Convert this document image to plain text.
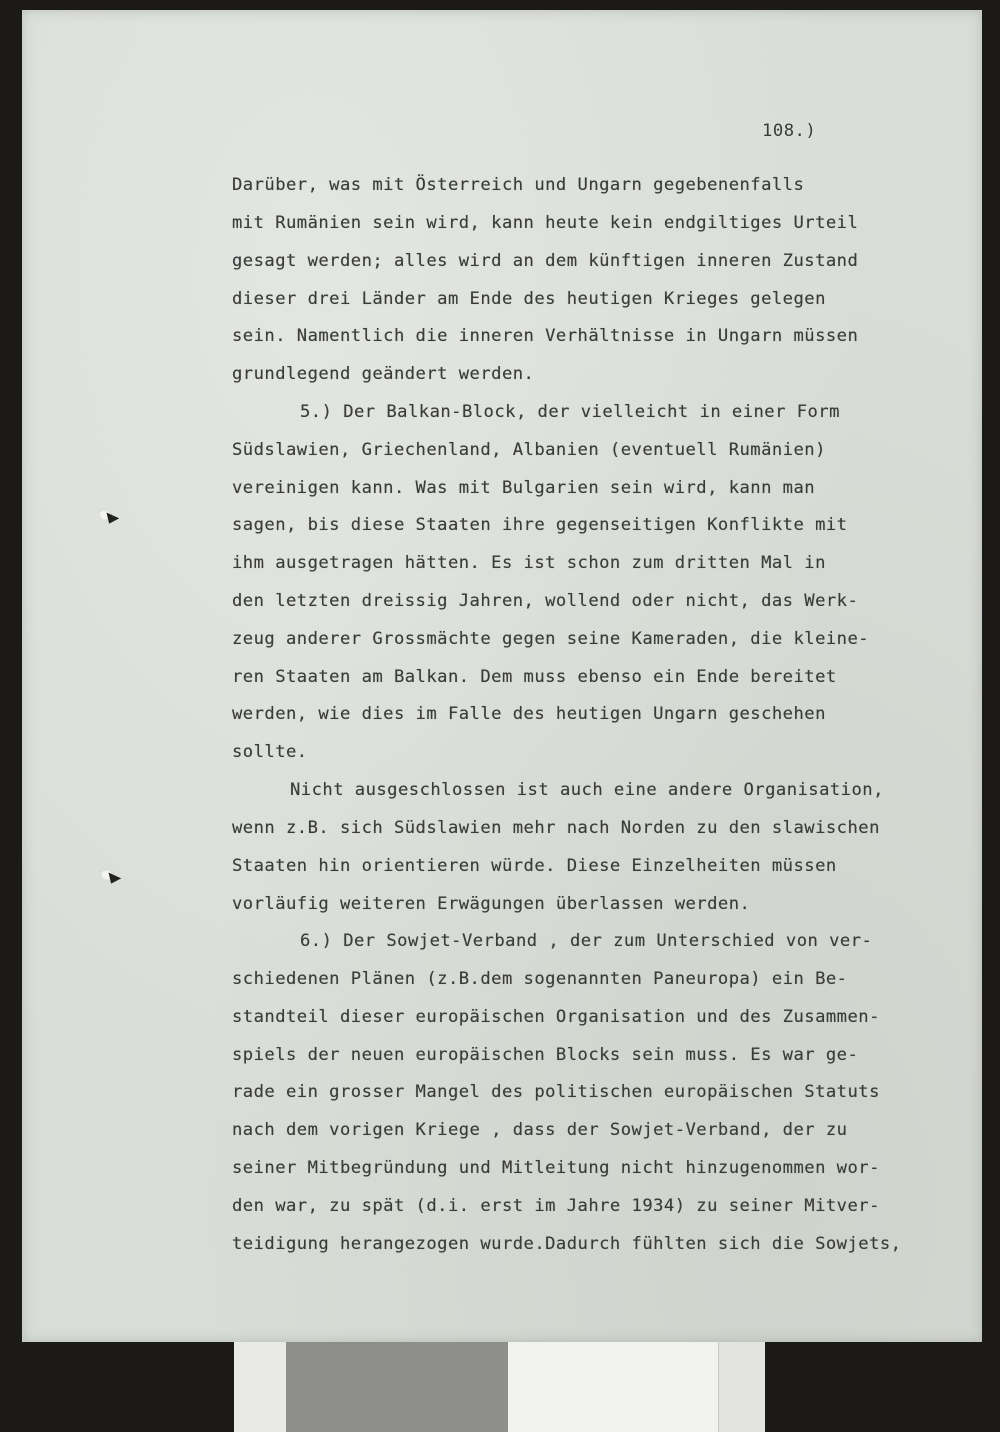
108.)
Darüber, was mit Österreich und Ungarn gegebenenfalls
mit Rumänien sein wird, kann heute kein endgiltiges Urteil
gesagt werden; alles wird an dem künftigen inneren Zustand
dieser drei Länder am Ende des heutigen Krieges gelegen
sein. Namentlich die inneren Verhältnisse in Ungarn müssen
grundlegend geändert werden.
5.) Der Balkan-Block, der vielleicht in einer Form
Südslawien, Griechenland, Albanien (eventuell Rumänien)
vereinigen kann. Was mit Bulgarien sein wird, kann man
sagen, bis diese Staaten ihre gegenseitigen Konflikte mit
ihm ausgetragen hätten. Es ist schon zum dritten Mal in
den letzten dreissig Jahren, wollend oder nicht, das Werk-
zeug anderer Grossmächte gegen seine Kameraden, die kleine-
ren Staaten am Balkan. Dem muss ebenso ein Ende bereitet
werden, wie dies im Falle des heutigen Ungarn geschehen
sollte.
Nicht ausgeschlossen ist auch eine andere Organisation,
wenn z.B. sich Südslawien mehr nach Norden zu den slawischen
Staaten hin orientieren würde. Diese Einzelheiten müssen
vorläufig weiteren Erwägungen überlassen werden.
6.) Der Sowjet-Verband , der zum Unterschied von ver-
schiedenen Plänen (z.B.dem sogenannten Paneuropa) ein Be-
standteil dieser europäischen Organisation und des Zusammen-
spiels der neuen europäischen Blocks sein muss. Es war ge-
rade ein grosser Mangel des politischen europäischen Statuts
nach dem vorigen Kriege , dass der Sowjet-Verband, der zu
seiner Mitbegründung und Mitleitung nicht hinzugenommen wor-
den war, zu spät (d.i. erst im Jahre 1934) zu seiner Mitver-
teidigung herangezogen wurde.Dadurch fühlten sich die Sowjets,
